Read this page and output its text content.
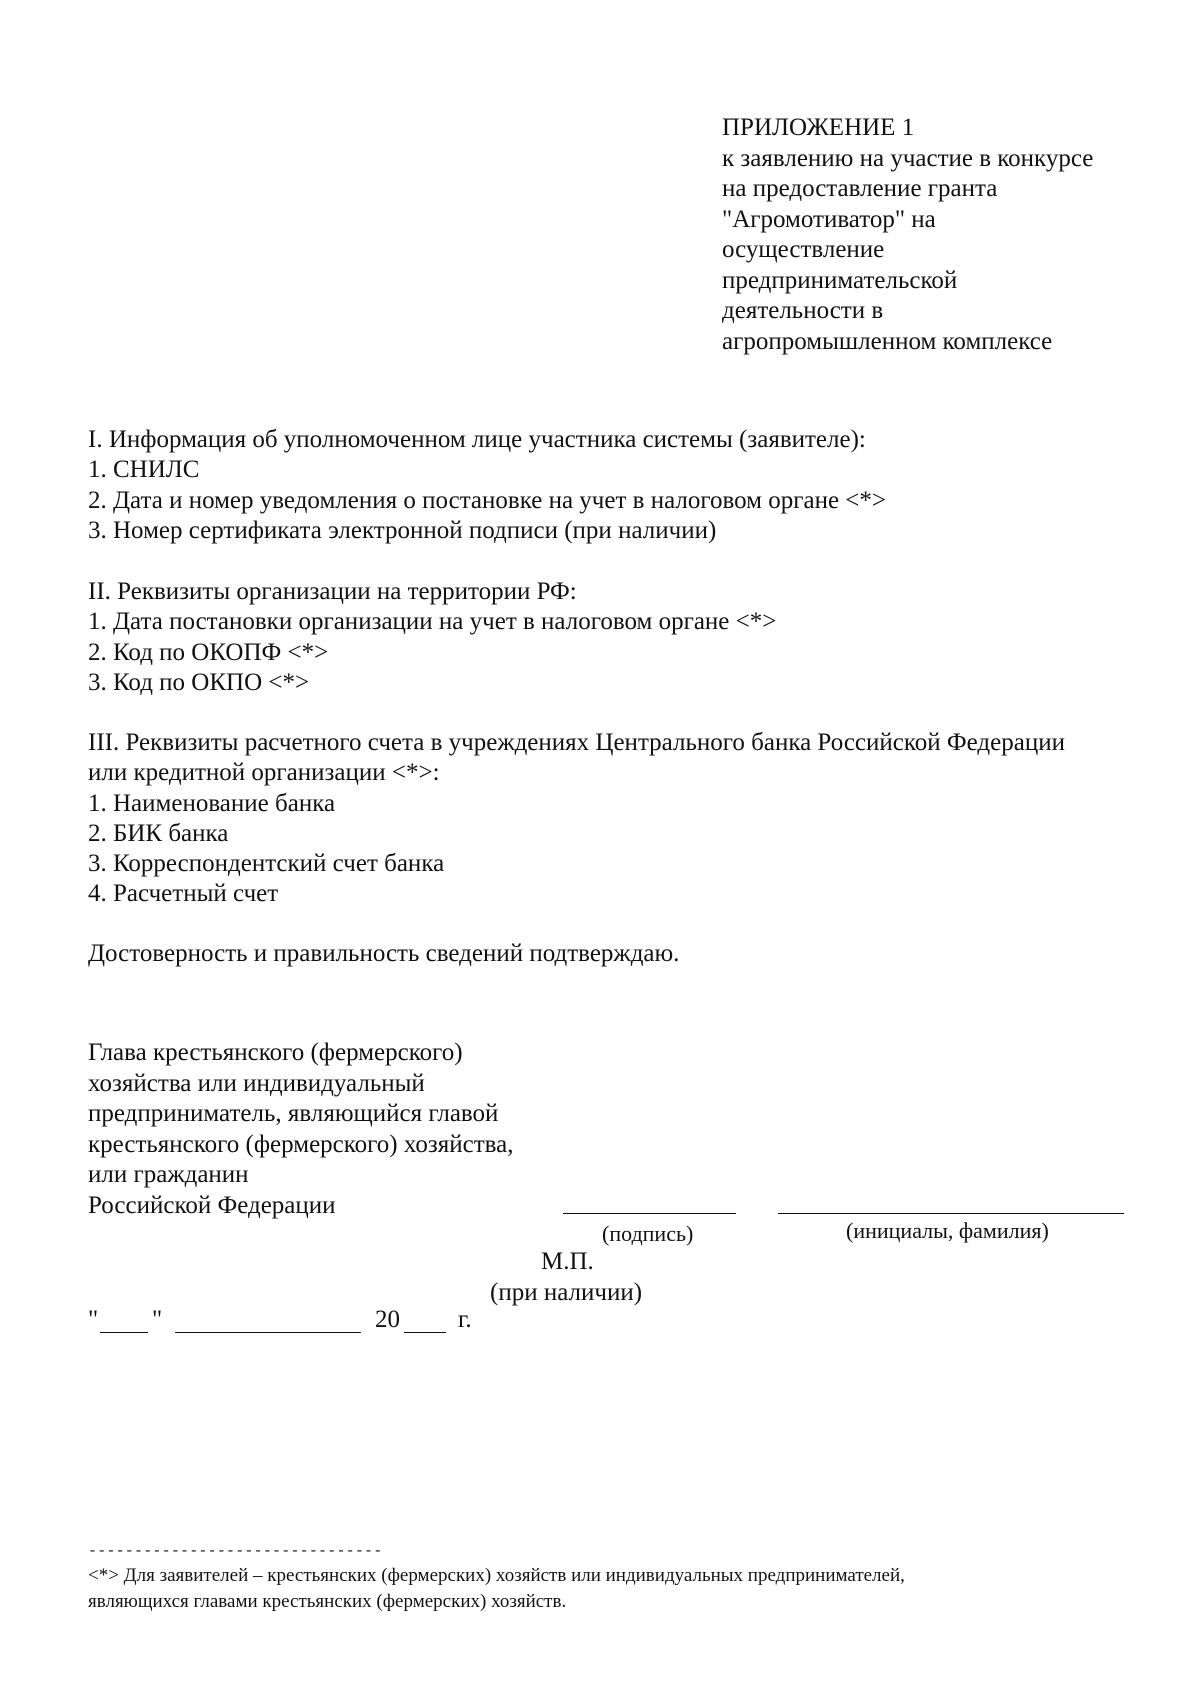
ПРИЛОЖЕНИЕ 1
к заявлению на участие в конкурсе
на предоставление гранта
"Агромотиватор" на
осуществление
предпринимательской
деятельности в
агропромышленном комплексе
I. Информация об уполномоченном лице участника системы (заявителе):
1. СНИЛС
2. Дата и номер уведомления о постановке на учет в налоговом органе <*>
3. Номер сертификата электронной подписи (при наличии)
II. Реквизиты организации на территории РФ:
1. Дата постановки организации на учет в налоговом органе <*>
2. Код по ОКОПФ <*>
3. Код по ОКПО <*>
III. Реквизиты расчетного счета в учреждениях Центрального банка Российской Федерации
или кредитной организации <*>:
1. Наименование банка
2. БИК банка
3. Корреспондентский счет банка
4. Расчетный счет
Достоверность и правильность сведений подтверждаю.
Глава крестьянского (фермерского)
хозяйства или индивидуальный
предприниматель, являющийся главой
крестьянского (фермерского) хозяйства,
или гражданин
Российской Федерации
(подпись)	(инициалы, фамилия)
М.П.
(при наличии)
" "	20 г.
--------------------------------
<*> Для заявителей – крестьянских (фермерских) хозяйств или индивидуальных предпринимателей,
являющихся главами крестьянских (фермерских) хозяйств.
